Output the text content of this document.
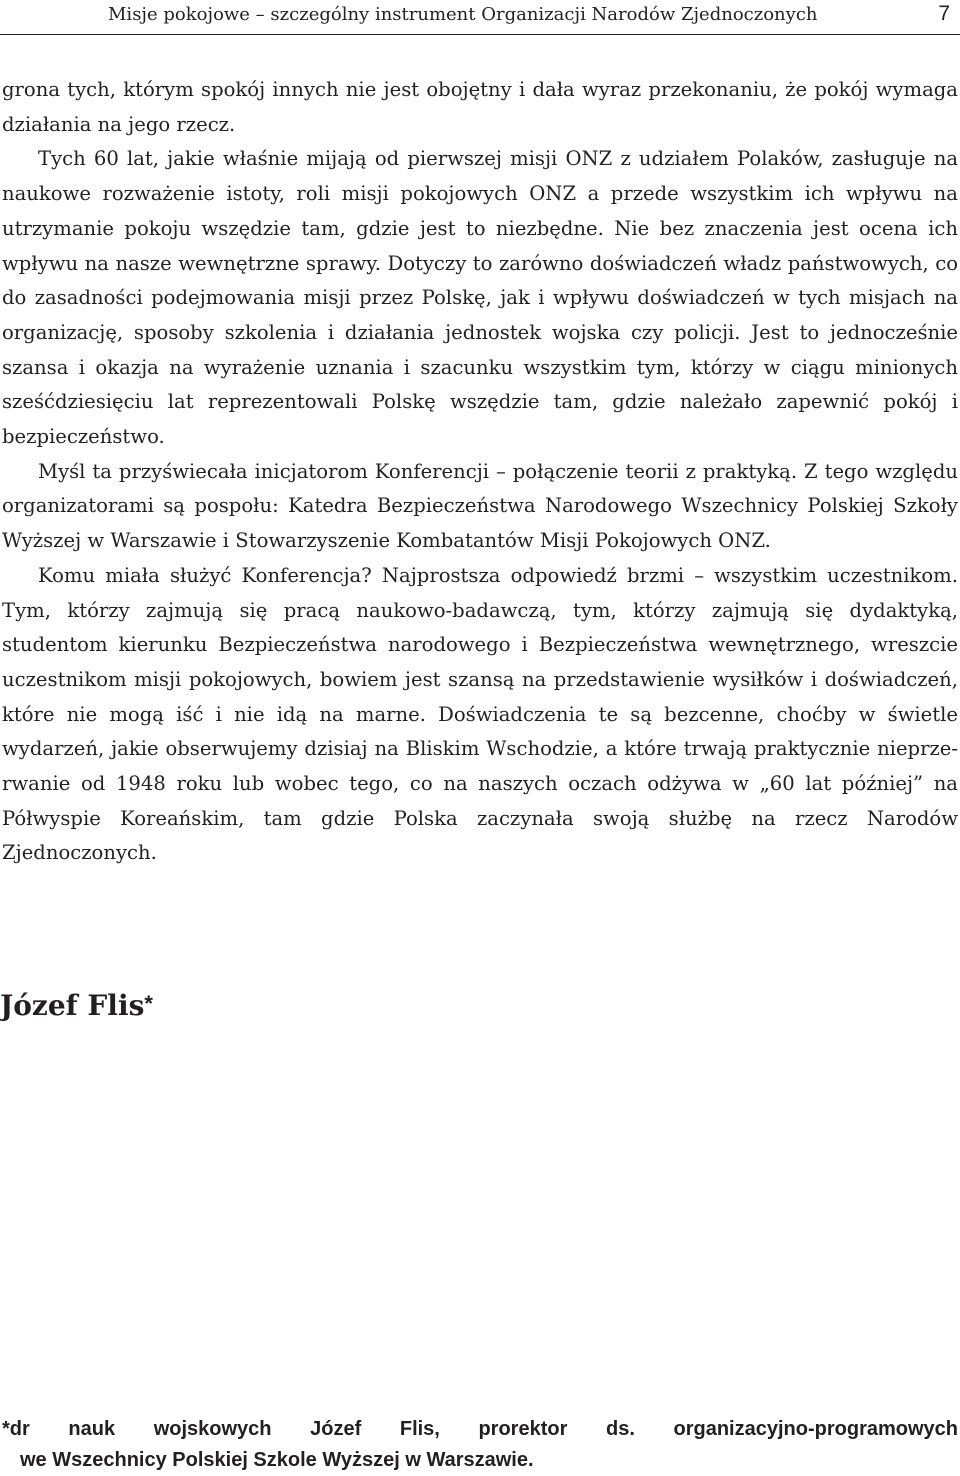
Misje pokojowe – szczególny instrument Organizacji Narodów Zjednoczonych	7

grona tych, którym spokój innych nie jest obojętny i dała wyraz przekonaniu, że pokój wymaga działania na jego rzecz.

Tych 60 lat, jakie właśnie mijają od pierwszej misji ONZ z udziałem Polaków, zasługuje na naukowe rozważenie istoty, roli misji pokojowych ONZ a przede wszystkim ich wpływu na utrzymanie pokoju wszędzie tam, gdzie jest to niezbędne. Nie bez znaczenia jest ocena ich wpływu na nasze wewnętrzne sprawy. Dotyczy to zarówno doświadczeń władz państwowych, co do zasadności podejmowania misji przez Polskę, jak i wpływu doświadczeń w tych misjach na organizację, sposoby szkolenia i działania jednostek wojska czy policji. Jest to jednocześnie szansa i okazja na wyrażenie uznania i szacunku wszystkim tym, którzy w ciągu minionych sześćdziesięciu lat reprezentowali Polskę wszędzie tam, gdzie należało zapewnić pokój i bezpieczeństwo.

Myśl ta przyświecała inicjatorom Konferencji – połączenie teorii z praktyką. Z tego względu organizatorami są pospołu: Katedra Bezpieczeństwa Narodowego Wszechnicy Polskiej Szkoły Wyższej w Warszawie i Stowarzyszenie Kombatantów Misji Pokojowych ONZ.

Komu miała służyć Konferencja? Najprostsza odpowiedź brzmi – wszystkim uczestnikom. Tym, którzy zajmują się pracą naukowo-badawczą, tym, którzy zajmują się dydaktyką, studentom kierunku Bezpieczeństwa narodowego i Bezpieczeństwa wewnętrznego, wreszcie uczestnikom misji pokojowych, bowiem jest szansą na przedstawienie wysiłków i doświadczeń, które nie mogą iść i nie idą na marne. Doświadczenia te są bezcenne, choćby w świetle wydarzeń, jakie obserwujemy dzisiaj na Bliskim Wschodzie, a które trwają praktycznie nieprzerwanie od 1948 roku lub wobec tego, co na naszych oczach odżywa w „60 lat później” na Półwyspie Koreańskim, tam gdzie Polska zaczynała swoją służbę na rzecz Narodów Zjednoczonych.

Józef Flis*
*dr nauk wojskowych Józef Flis, prorektor ds. organizacyjno-programowych
we Wszechnicy Polskiej Szkole Wyższej w Warszawie.
